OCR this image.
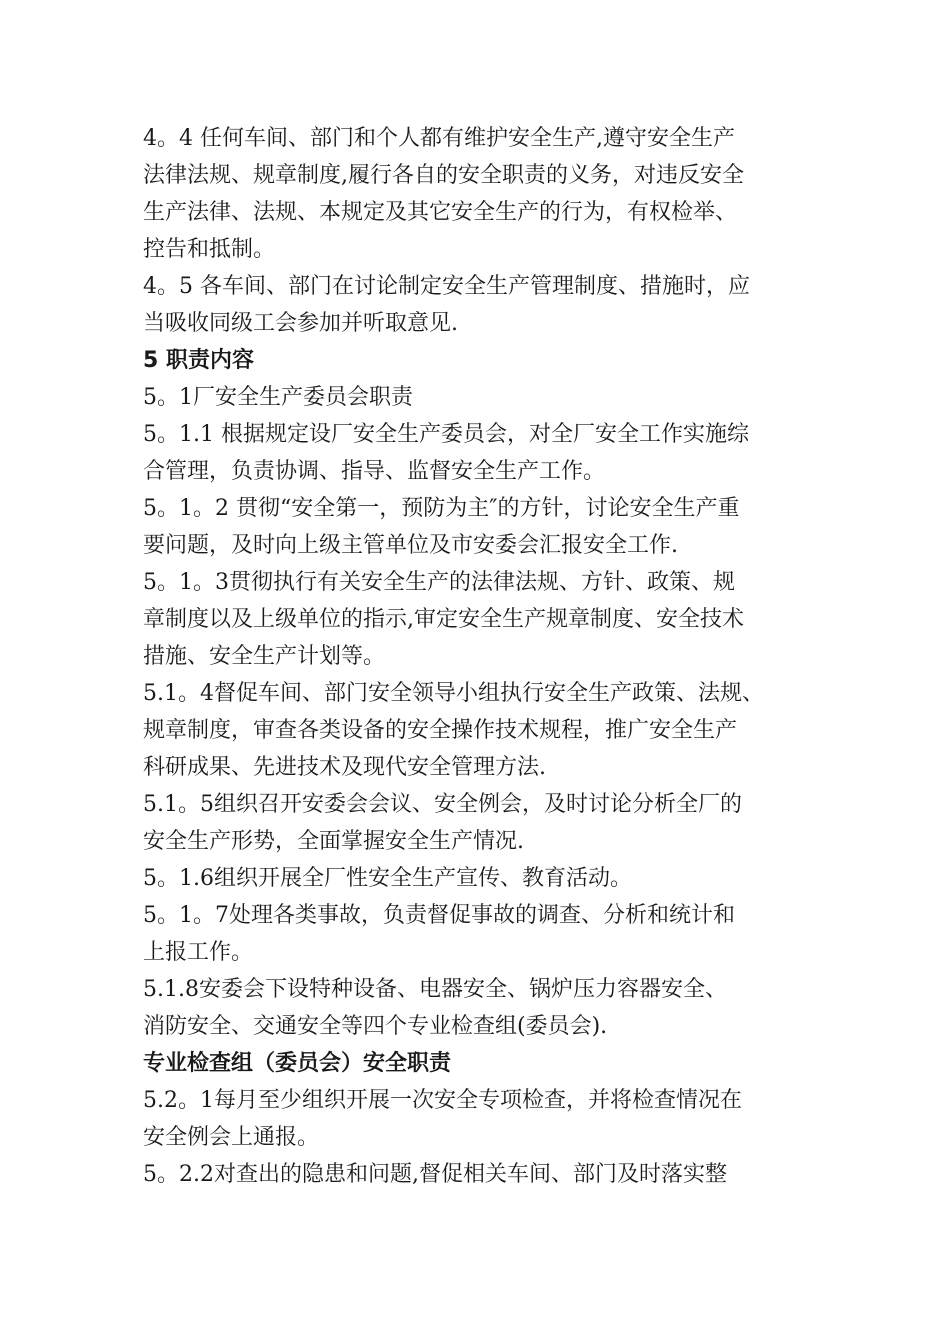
4。4 任何车间、部门和个人都有维护安全生产,遵守安全生产
法律法规、规章制度,履行各自的安全职责的义务，对违反安全
生产法律、法规、本规定及其它安全生产的行为，有权检举、
控告和抵制。
4。5 各车间、部门在讨论制定安全生产管理制度、措施时，应
当吸收同级工会参加并听取意见.
5 职责内容
5。1厂安全生产委员会职责
5。1.1 根据规定设厂安全生产委员会，对全厂安全工作实施综
合管理，负责协调、指导、监督安全生产工作。
5。1。2 贯彻“安全第一，预防为主″的方针，讨论安全生产重
要问题，及时向上级主管单位及市安委会汇报安全工作.
5。1。3贯彻执行有关安全生产的法律法规、方针、政策、规
章制度以及上级单位的指示,审定安全生产规章制度、安全技术
措施、安全生产计划等。
5.1。4督促车间、部门安全领导小组执行安全生产政策、法规、
规章制度，审查各类设备的安全操作技术规程，推广安全生产
科研成果、先进技术及现代安全管理方法.
5.1。5组织召开安委会会议、安全例会，及时讨论分析全厂的
安全生产形势，全面掌握安全生产情况.
5。1.6组织开展全厂性安全生产宣传、教育活动。
5。1。7处理各类事故，负责督促事故的调查、分析和统计和
上报工作。
5.1.8安委会下设特种设备、电器安全、锅炉压力容器安全、
消防安全、交通安全等四个专业检查组(委员会).
专业检查组（委员会）安全职责
5.2。1每月至少组织开展一次安全专项检查，并将检查情况在
安全例会上通报。
5。2.2对查出的隐患和问题,督促相关车间、部门及时落实整
